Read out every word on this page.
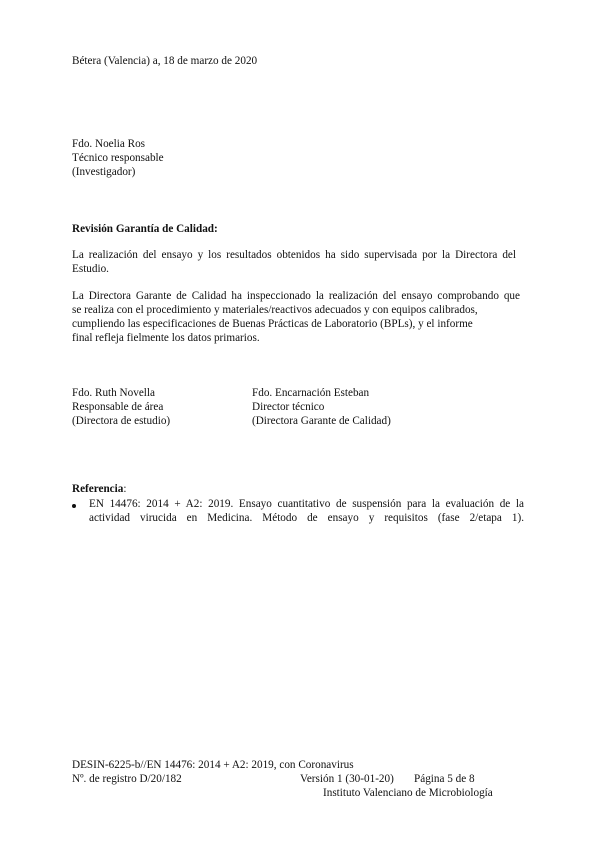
Bétera (Valencia) a, 18 de marzo de 2020
Fdo. Noelia Ros
Técnico responsable
(Investigador)
Revisión Garantía de Calidad:
La realización del ensayo y los resultados obtenidos ha sido supervisada por la Directora del
Estudio.
La Directora Garante de Calidad ha inspeccionado la realización del ensayo comprobando que
se realiza con el procedimiento y materiales/reactivos adecuados y con equipos calibrados,
cumpliendo las especificaciones de Buenas Prácticas de Laboratorio (BPLs), y el informe
final refleja fielmente los datos primarios.
Fdo. Ruth Novella
Responsable de área
(Directora de estudio)
Fdo. Encarnación Esteban
Director técnico
(Directora Garante de Calidad)
Referencia:
EN 14476: 2014 + A2: 2019. Ensayo cuantitativo de suspensión para la evaluación de la
actividad virucida en Medicina. Método de ensayo y requisitos (fase 2/etapa 1).
DESIN-6225-b//EN 14476: 2014 + A2: 2019, con Coronavirus
Nº. de registro D/20/182	Versión 1 (30-01-20) Página 5 de 8
Instituto Valenciano de Microbiología
